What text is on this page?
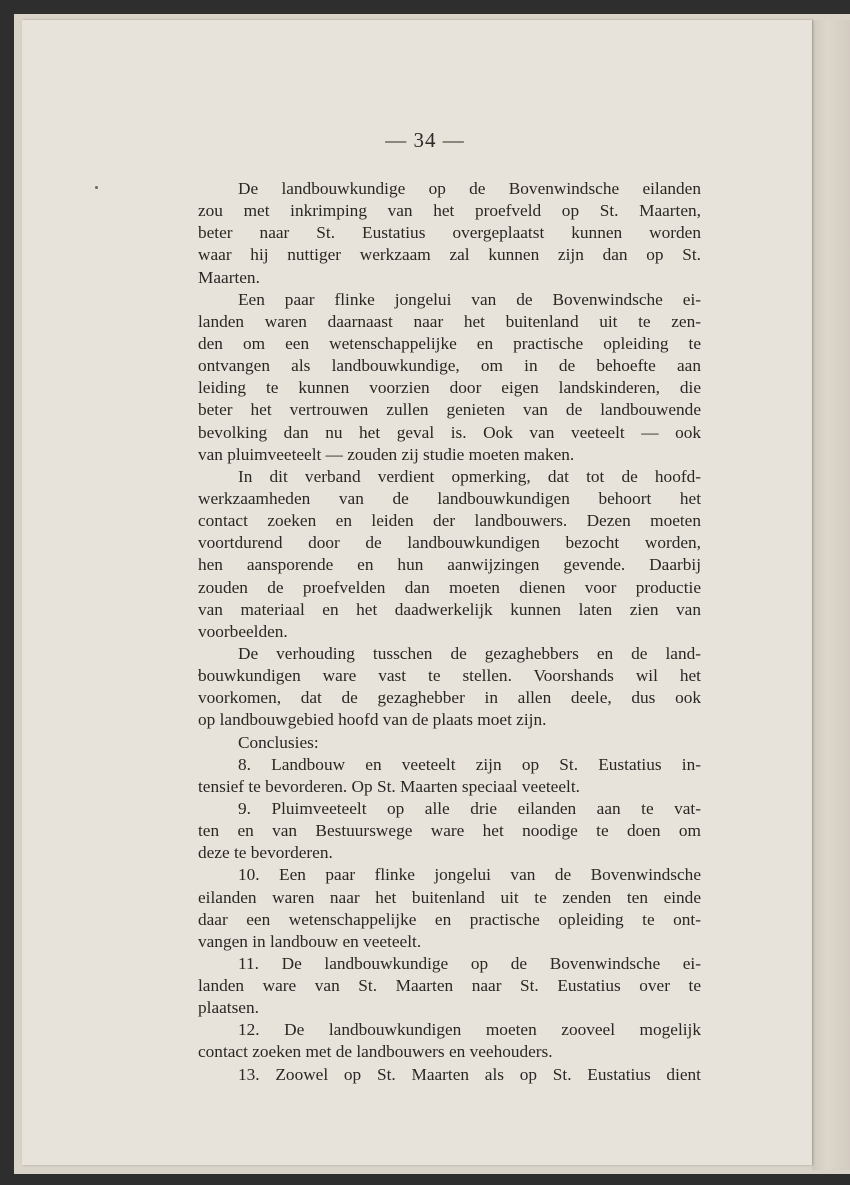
— 34 —
De landbouwkundige op de Bovenwindsche eilanden
zou met inkrimping van het proefveld op St. Maarten,
beter naar St. Eustatius overgeplaatst kunnen worden
waar hij nuttiger werkzaam zal kunnen zijn dan op St.
Maarten.
Een paar flinke jongelui van de Bovenwindsche ei-
landen waren daarnaast naar het buitenland uit te zen-
den om een wetenschappelijke en practische opleiding te
ontvangen als landbouwkundige, om in de behoefte aan
leiding te kunnen voorzien door eigen landskinderen, die
beter het vertrouwen zullen genieten van de landbouwende
bevolking dan nu het geval is. Ook van veeteelt — ook
van pluimveeteelt — zouden zij studie moeten maken.
In dit verband verdient opmerking, dat tot de hoofd-
werkzaamheden van de landbouwkundigen behoort het
contact zoeken en leiden der landbouwers. Dezen moeten
voortdurend door de landbouwkundigen bezocht worden,
hen aansporende en hun aanwijzingen gevende. Daarbij
zouden de proefvelden dan moeten dienen voor productie
van materiaal en het daadwerkelijk kunnen laten zien van
voorbeelden.
De verhouding tusschen de gezaghebbers en de land-
bouwkundigen ware vast te stellen. Voorshands wil het
voorkomen, dat de gezaghebber in allen deele, dus ook
op landbouwgebied hoofd van de plaats moet zijn.
Conclusies:
8. Landbouw en veeteelt zijn op St. Eustatius in-
tensief te bevorderen. Op St. Maarten speciaal veeteelt.
9. Pluimveeteelt op alle drie eilanden aan te vat-
ten en van Bestuurswege ware het noodige te doen om
deze te bevorderen.
10. Een paar flinke jongelui van de Bovenwindsche
eilanden waren naar het buitenland uit te zenden ten einde
daar een wetenschappelijke en practische opleiding te ont-
vangen in landbouw en veeteelt.
11. De landbouwkundige op de Bovenwindsche ei-
landen ware van St. Maarten naar St. Eustatius over te
plaatsen.
12. De landbouwkundigen moeten zooveel mogelijk
contact zoeken met de landbouwers en veehouders.
13. Zoowel op St. Maarten als op St. Eustatius dient
